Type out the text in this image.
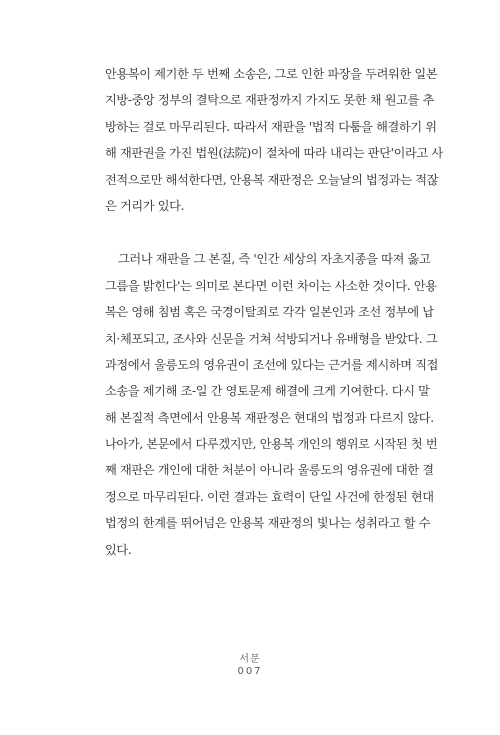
안용복이 제기한 두 번째 소송은, 그로 인한 파장을 두려워한 일본
지방-중앙 정부의 결탁으로 재판정까지 가지도 못한 채 원고를 추
방하는 걸로 마무리된다. 따라서 재판을 '법적 다툼을 해결하기 위
해 재판권을 가진 법원(法院)이 절차에 따라 내리는 판단'이라고 사
전적으로만 해석한다면, 안용복 재판정은 오늘날의 법정과는 적잖
은 거리가 있다.
그러나 재판을 그 본질, 즉 '인간 세상의 자초지종을 따져 옳고
그름을 밝힌다'는 의미로 본다면 이런 차이는 사소한 것이다. 안용
복은 영해 침범 혹은 국경이탈죄로 각각 일본인과 조선 정부에 납
치·체포되고, 조사와 신문을 거쳐 석방되거나 유배형을 받았다. 그
과정에서 울릉도의 영유권이 조선에 있다는 근거를 제시하며 직접
소송을 제기해 조-일 간 영토문제 해결에 크게 기여한다. 다시 말
해 본질적 측면에서 안용복 재판정은 현대의 법정과 다르지 않다.
나아가, 본문에서 다루겠지만, 안용복 개인의 행위로 시작된 첫 번
째 재판은 개인에 대한 처분이 아니라 울릉도의 영유권에 대한 결
정으로 마무리된다. 이런 결과는 효력이 단일 사건에 한정된 현대
법정의 한계를 뛰어넘은 안용복 재판정의 빛나는 성취라고 할 수
있다.
서문
007
